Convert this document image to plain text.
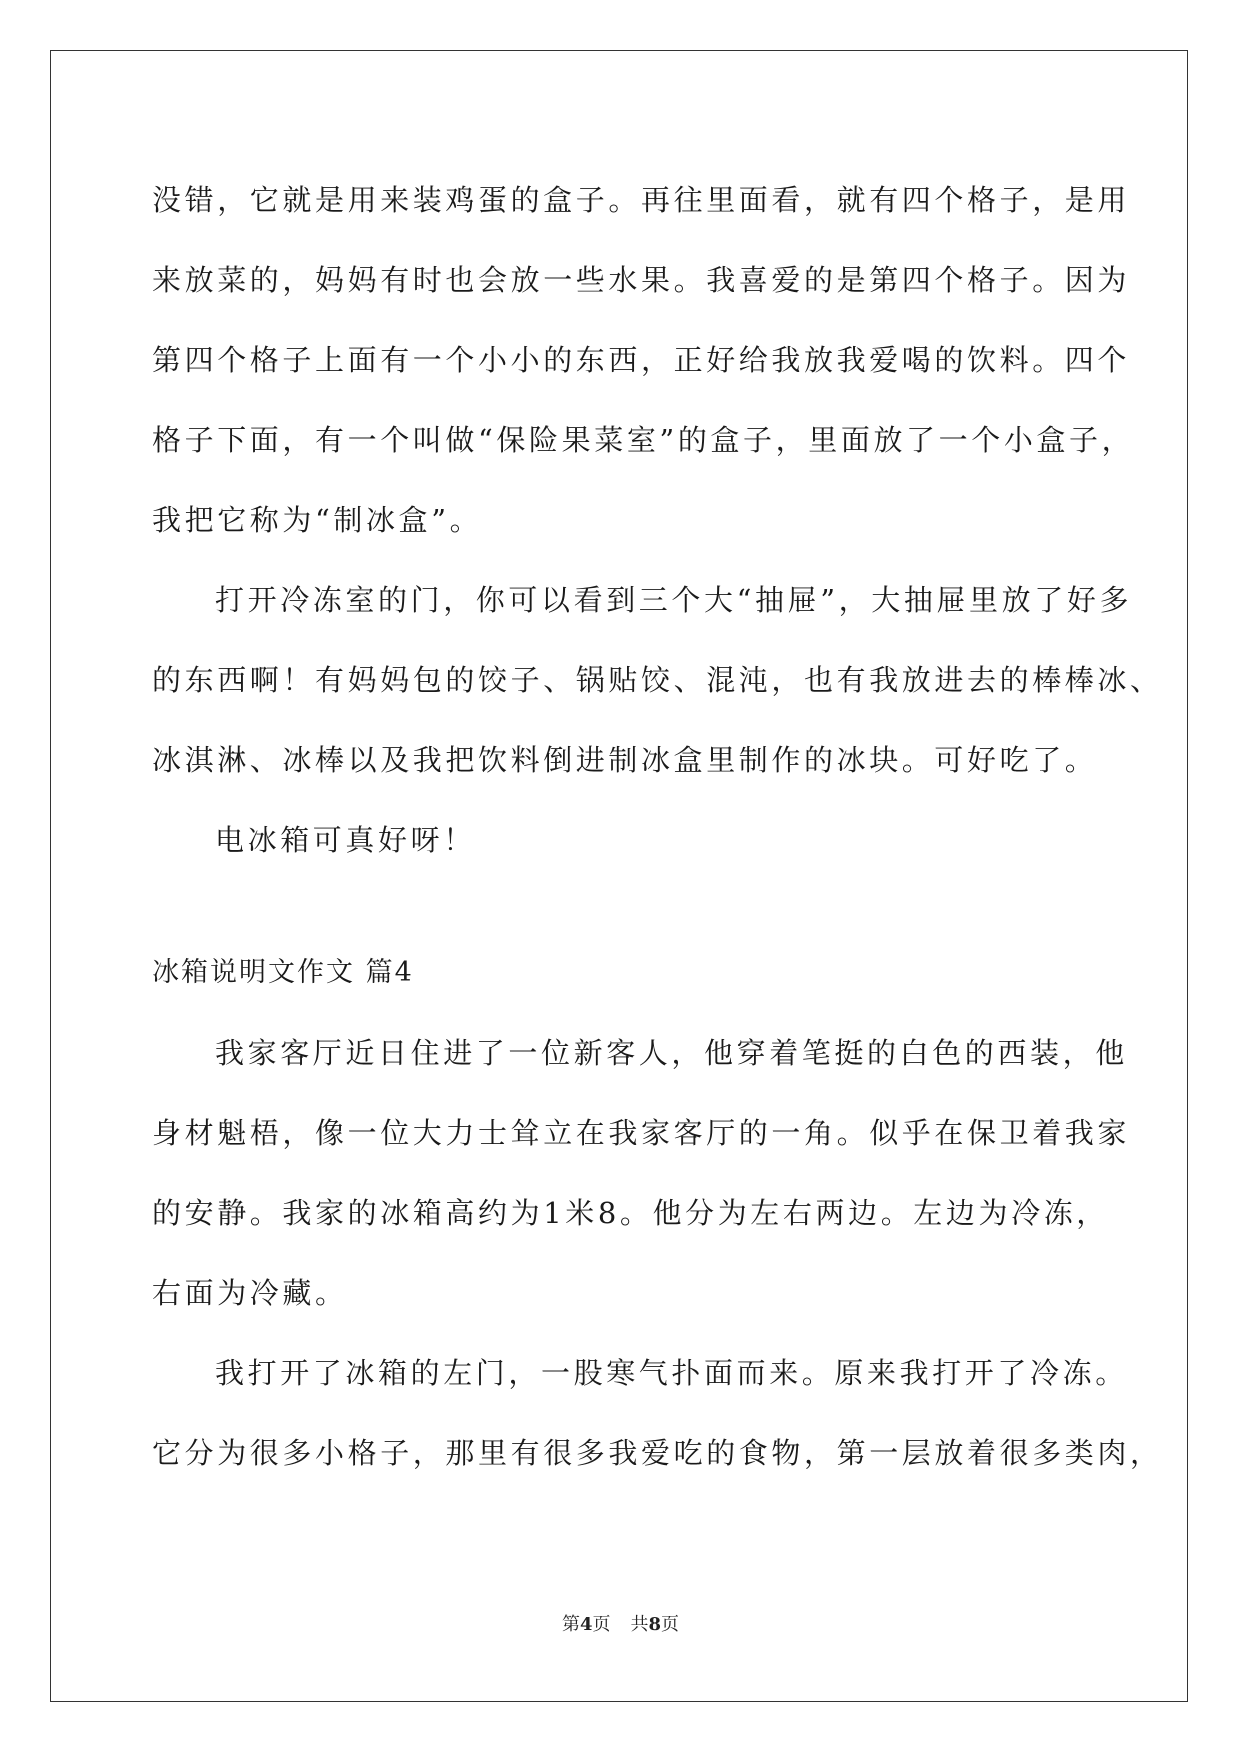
没错，它就是用来装鸡蛋的盒子。再往里面看，就有四个格子，是用
来放菜的，妈妈有时也会放一些水果。我喜爱的是第四个格子。因为
第四个格子上面有一个小小的东西，正好给我放我爱喝的饮料。四个
格子下面，有一个叫做“保险果菜室”的盒子，里面放了一个小盒子，
我把它称为“制冰盒”。
打开冷冻室的门，你可以看到三个大“抽屉”，大抽屉里放了好多
的东西啊！有妈妈包的饺子、锅贴饺、混沌，也有我放进去的棒棒冰、
冰淇淋、冰棒以及我把饮料倒进制冰盒里制作的冰块。可好吃了。
电冰箱可真好呀！
冰箱说明文作文 篇4
我家客厅近日住进了一位新客人，他穿着笔挺的白色的西装，他
身材魁梧，像一位大力士耸立在我家客厅的一角。似乎在保卫着我家
的安静。我家的冰箱高约为1米8。他分为左右两边。左边为冷冻，
右面为冷藏。
我打开了冰箱的左门，一股寒气扑面而来。原来我打开了冷冻。
它分为很多小格子，那里有很多我爱吃的食物，第一层放着很多类肉，
第4页 共8页
